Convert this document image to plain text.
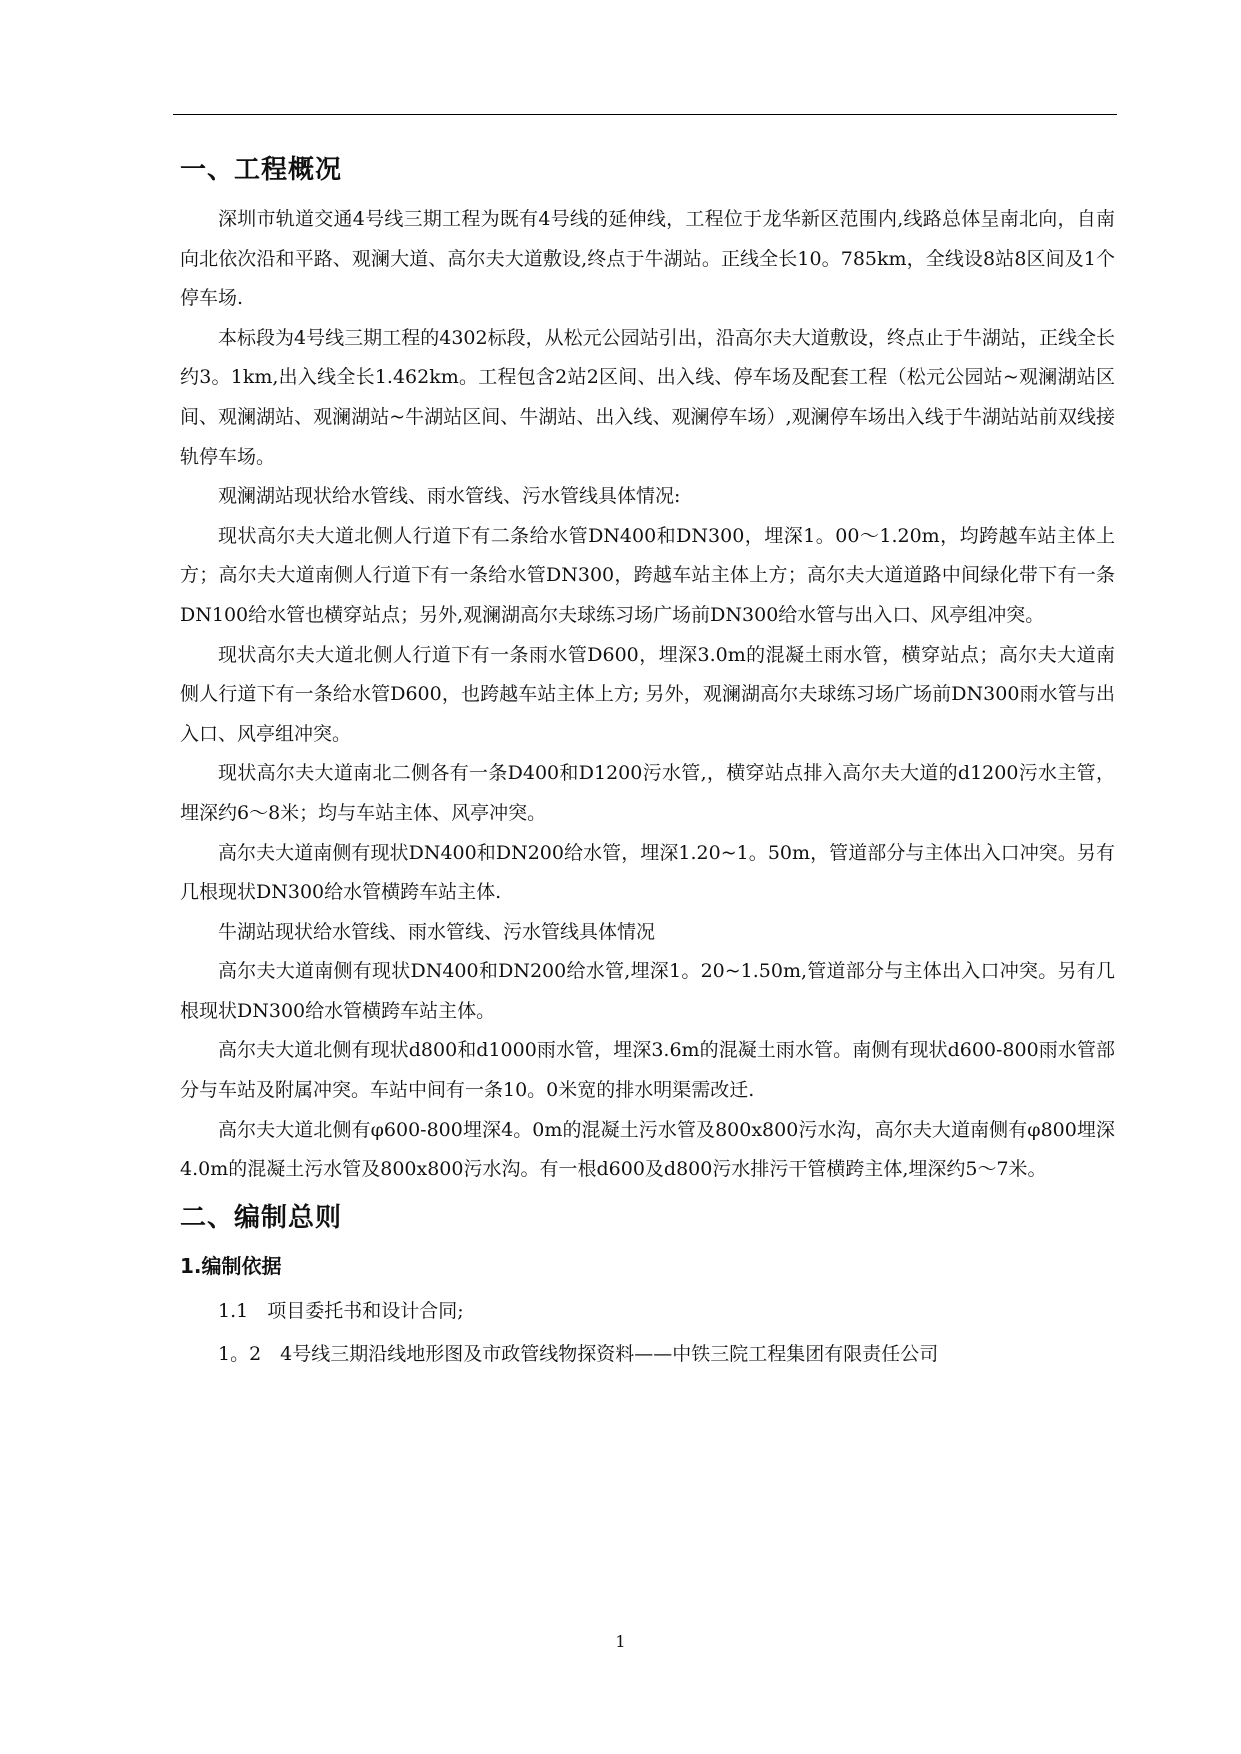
一、工程概况

深圳市轨道交通4号线三期工程为既有4号线的延伸线，工程位于龙华新区范围内,线路总体呈南北向，自南向北依次沿和平路、观澜大道、高尔夫大道敷设,终点于牛湖站。正线全长10。785km，全线设8站8区间及1个停车场.

本标段为4号线三期工程的4302标段，从松元公园站引出，沿高尔夫大道敷设，终点止于牛湖站，正线全长约3。1km,出入线全长1.462km。工程包含2站2区间、出入线、停车场及配套工程（松元公园站~观澜湖站区间、观澜湖站、观澜湖站~牛湖站区间、牛湖站、出入线、观澜停车场）,观澜停车场出入线于牛湖站站前双线接轨停车场。

观澜湖站现状给水管线、雨水管线、污水管线具体情况:

现状高尔夫大道北侧人行道下有二条给水管DN400和DN300，埋深1。00～1.20m，均跨越车站主体上方；高尔夫大道南侧人行道下有一条给水管DN300，跨越车站主体上方；高尔夫大道道路中间绿化带下有一条DN100给水管也横穿站点；另外,观澜湖高尔夫球练习场广场前DN300给水管与出入口、风亭组冲突。

现状高尔夫大道北侧人行道下有一条雨水管D600，埋深3.0m的混凝土雨水管，横穿站点；高尔夫大道南侧人行道下有一条给水管D600，也跨越车站主体上方; 另外，观澜湖高尔夫球练习场广场前DN300雨水管与出入口、风亭组冲突。

现状高尔夫大道南北二侧各有一条D400和D1200污水管,，横穿站点排入高尔夫大道的d1200污水主管，埋深约6～8米；均与车站主体、风亭冲突。

高尔夫大道南侧有现状DN400和DN200给水管，埋深1.20~1。50m，管道部分与主体出入口冲突。另有几根现状DN300给水管横跨车站主体.

牛湖站现状给水管线、雨水管线、污水管线具体情况

高尔夫大道南侧有现状DN400和DN200给水管,埋深1。20~1.50m,管道部分与主体出入口冲突。另有几根现状DN300给水管横跨车站主体。

高尔夫大道北侧有现状d800和d1000雨水管，埋深3.6m的混凝土雨水管。南侧有现状d600-800雨水管部分与车站及附属冲突。车站中间有一条10。0米宽的排水明渠需改迁.

高尔夫大道北侧有φ600-800埋深4。0m的混凝土污水管及800x800污水沟，高尔夫大道南侧有φ800埋深4.0m的混凝土污水管及800x800污水沟。有一根d600及d800污水排污干管横跨主体,埋深约5～7米。

二、编制总则
1.编制依据

1.1　项目委托书和设计合同;

1。2　4号线三期沿线地形图及市政管线物探资料——中铁三院工程集团有限责任公司

1
